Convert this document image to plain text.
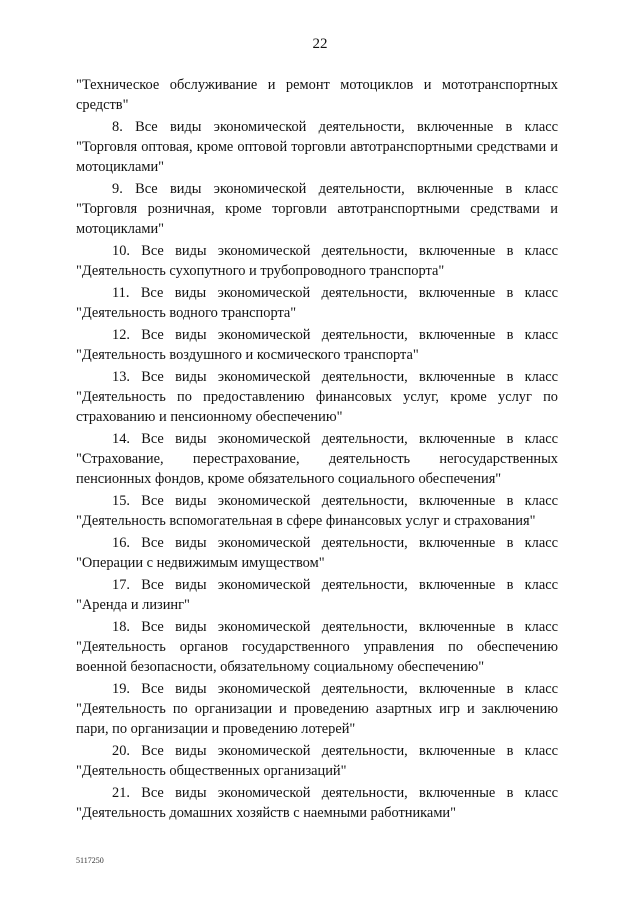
22

"Техническое обслуживание и ремонт мотоциклов и мототранспортных средств"

8. Все виды экономической деятельности, включенные в класс "Торговля оптовая, кроме оптовой торговли автотранспортными средствами и мотоциклами"

9. Все виды экономической деятельности, включенные в класс "Торговля розничная, кроме торговли автотранспортными средствами и мотоциклами"

10. Все виды экономической деятельности, включенные в класс "Деятельность сухопутного и трубопроводного транспорта"

11. Все виды экономической деятельности, включенные в класс "Деятельность водного транспорта"

12. Все виды экономической деятельности, включенные в класс "Деятельность воздушного и космического транспорта"

13. Все виды экономической деятельности, включенные в класс "Деятельность по предоставлению финансовых услуг, кроме услуг по страхованию и пенсионному обеспечению"

14. Все виды экономической деятельности, включенные в класс "Страхование, перестрахование, деятельность негосударственных пенсионных фондов, кроме обязательного социального обеспечения"

15. Все виды экономической деятельности, включенные в класс "Деятельность вспомогательная в сфере финансовых услуг и страхования"

16. Все виды экономической деятельности, включенные в класс "Операции с недвижимым имуществом"

17. Все виды экономической деятельности, включенные в класс "Аренда и лизинг"

18. Все виды экономической деятельности, включенные в класс "Деятельность органов государственного управления по обеспечению военной безопасности, обязательному социальному обеспечению"

19. Все виды экономической деятельности, включенные в класс "Деятельность по организации и проведению азартных игр и заключению пари, по организации и проведению лотерей"

20. Все виды экономической деятельности, включенные в класс "Деятельность общественных организаций"

21. Все виды экономической деятельности, включенные в класс "Деятельность домашних хозяйств с наемными работниками"

5117250
